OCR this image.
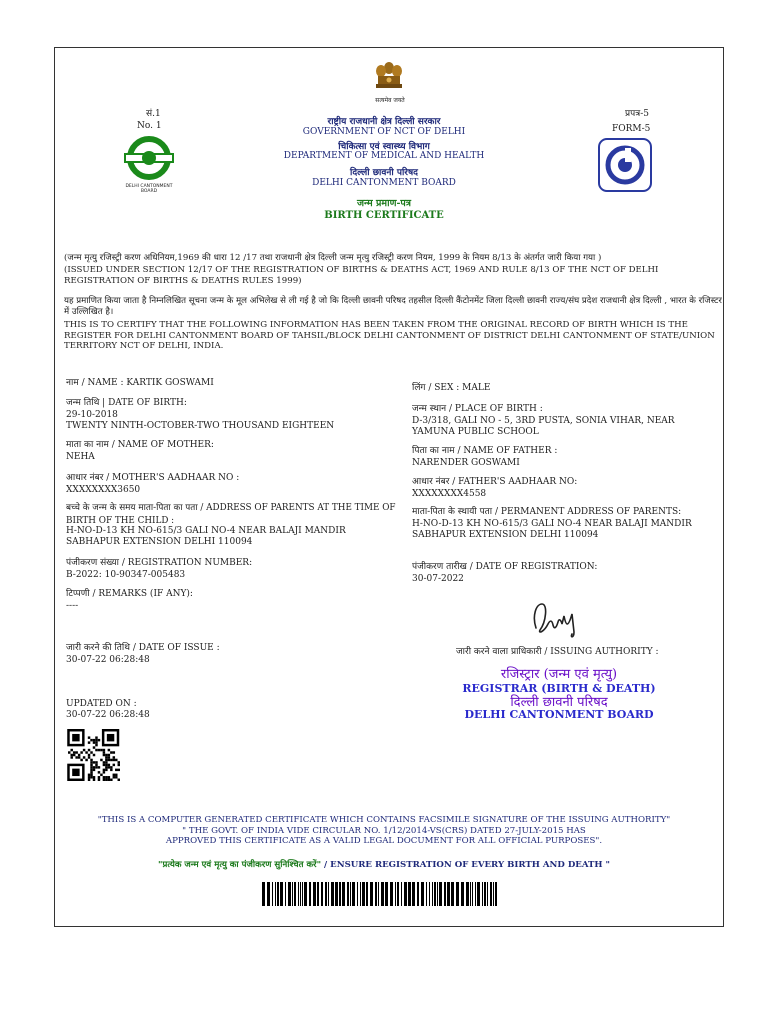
सत्यमेव जयते
सं.1
No. 1
प्रपत्र-5
FORM-5
DELHI CANTONMENT BOARD
राष्ट्रीय राजधानी क्षेत्र दिल्ली सरकार
GOVERNMENT OF NCT OF DELHI
चिकित्सा एवं स्वास्थ्य विभाग
DEPARTMENT OF MEDICAL AND HEALTH
दिल्ली छावनी परिषद
DELHI CANTONMENT BOARD
जन्म प्रमाण-पत्र
BIRTH CERTIFICATE
(जन्म मृत्यु रजिस्ट्री करण अधिनियम,1969 की धारा 12 /17 तथा राजधानी क्षेत्र दिल्ली जन्म मृत्यु रजिस्ट्री करण नियम, 1999 के नियम 8/13 के अंतर्गत जारी किया गया )
(ISSUED UNDER SECTION 12/17 OF THE REGISTRATION OF BIRTHS & DEATHS ACT, 1969 AND RULE 8/13 OF THE NCT OF DELHI REGISTRATION OF BIRTHS & DEATHS RULES 1999)
यह प्रमाणित किया जाता है निम्नलिखित सूचना जन्म के मूल अभिलेख से ली गई है जो कि दिल्ली छावनी परिषद तहसील दिल्ली कैंटोनमेंट जिला दिल्ली छावनी राज्य/संघ प्रदेश राजधानी क्षेत्र दिल्ली , भारत के रजिस्टर में उल्लिखित है।
THIS IS TO CERTIFY THAT THE FOLLOWING INFORMATION HAS BEEN TAKEN FROM THE ORIGINAL RECORD OF BIRTH WHICH IS THE REGISTER FOR DELHI CANTONMENT BOARD OF TAHSIL/BLOCK DELHI CANTONMENT OF DISTRICT DELHI CANTONMENT OF STATE/UNION TERRITORY NCT OF DELHI, INDIA.
नाम / NAME : KARTIK GOSWAMI
जन्म तिथि | DATE OF BIRTH:
29-10-2018
TWENTY NINTH-OCTOBER-TWO THOUSAND EIGHTEEN
माता का नाम / NAME OF MOTHER:
NEHA
आधार नंबर / MOTHER'S AADHAAR NO :
XXXXXXXX3650
बच्चे के जन्म के समय माता-पिता का पता / ADDRESS OF PARENTS AT THE TIME OF BIRTH OF THE CHILD :
H-NO-D-13 KH NO-615/3 GALI NO-4 NEAR BALAJI MANDIR SABHAPUR EXTENSION DELHI 110094
पंजीकरण संख्या / REGISTRATION NUMBER:
B-2022: 10-90347-005483
टिप्पणी / REMARKS (IF ANY):
----
जारी करने की तिथि / DATE OF ISSUE :
30-07-22 06:28:48
UPDATED ON :
30-07-22 06:28:48
लिंग / SEX : MALE
जन्म स्थान / PLACE OF BIRTH :
D-3/318, GALI NO - 5, 3RD PUSTA, SONIA VIHAR, NEAR YAMUNA PUBLIC SCHOOL
पिता का नाम / NAME OF FATHER :
NARENDER GOSWAMI
आधार नंबर / FATHER'S AADHAAR NO:
XXXXXXXX4558
माता-पिता के स्थायी पता / PERMANENT ADDRESS OF PARENTS:
H-NO-D-13 KH NO-615/3 GALI NO-4 NEAR BALAJI MANDIR SABHAPUR EXTENSION DELHI 110094
पंजीकरण तारीख / DATE OF REGISTRATION:
30-07-2022
जारी करने वाला प्राधिकारी / ISSUING AUTHORITY :
रजिस्ट्रार (जन्म एवं मृत्यु)
REGISTRAR (BIRTH & DEATH)
दिल्ली छावनी परिषद
DELHI CANTONMENT BOARD
"THIS IS A COMPUTER GENERATED CERTIFICATE WHICH CONTAINS FACSIMILE SIGNATURE OF THE ISSUING AUTHORITY"
" THE GOVT. OF INDIA VIDE CIRCULAR NO. 1/12/2014-VS(CRS) DATED 27-JULY-2015 HAS
APPROVED THIS CERTIFICATE AS A VALID LEGAL DOCUMENT FOR ALL OFFICIAL PURPOSES".
"प्रत्येक जन्म एवं मृत्यु का पंजीकरण सुनिश्चित करें" / ENSURE REGISTRATION OF EVERY BIRTH AND DEATH "
